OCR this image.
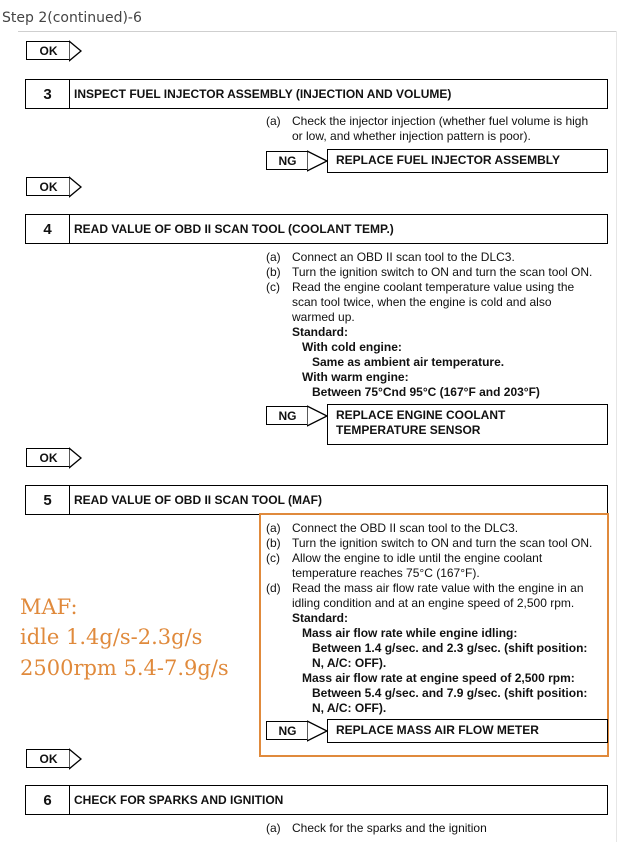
Step 2(continued)-6
OK
3	INSPECT FUEL INJECTOR ASSEMBLY (INJECTION AND VOLUME)
(a) Check the injector injection (whether fuel volume is high
or low, and whether injection pattern is poor).
NG	REPLACE FUEL INJECTOR ASSEMBLY
OK
4	READ VALUE OF OBD II SCAN TOOL (COOLANT TEMP.)
(a) Connect an OBD II scan tool to the DLC3.
(b) Turn the ignition switch to ON and turn the scan tool ON.
(c) Read the engine coolant temperature value using the
scan tool twice, when the engine is cold and also
warmed up.
Standard:
With cold engine:
Same as ambient air temperature.
With warm engine:
Between 75°Cnd 95°C (167°F and 203°F)
NG	REPLACE ENGINE COOLANT
TEMPERATURE SENSOR
OK
5	READ VALUE OF OBD II SCAN TOOL (MAF)
(a) Connect the OBD II scan tool to the DLC3.
(b) Turn the ignition switch to ON and turn the scan tool ON.
(c) Allow the engine to idle until the engine coolant
temperature reaches 75°C (167°F).
(d) Read the mass air flow rate value with the engine in an
idling condition and at an engine speed of 2,500 rpm.
Standard:
Mass air flow rate while engine idling:
Between 1.4 g/sec. and 2.3 g/sec. (shift position:
N, A/C: OFF).
Mass air flow rate at engine speed of 2,500 rpm:
Between 5.4 g/sec. and 7.9 g/sec. (shift position:
N, A/C: OFF).
NG	REPLACE MASS AIR FLOW METER
MAF:
idle 1.4g/s-2.3g/s
2500rpm 5.4-7.9g/s
OK
6	CHECK FOR SPARKS AND IGNITION
(a) Check for the sparks and the ignition
